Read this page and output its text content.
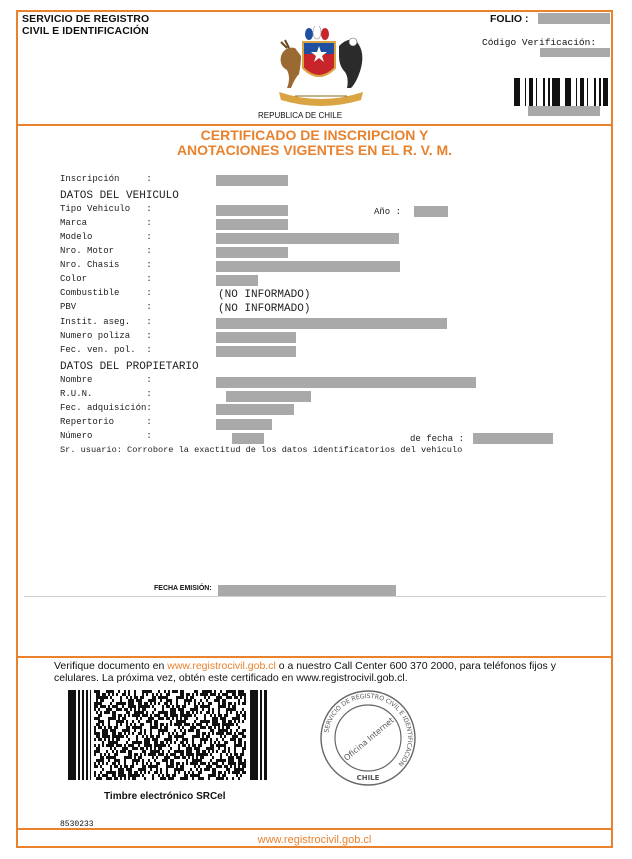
SERVICIO DE REGISTRO
CIVIL E IDENTIFICACIÓN
FOLIO :
Código Verificación:
REPUBLICA DE CHILE
CERTIFICADO DE INSCRIPCION Y
ANOTACIONES VIGENTES EN EL R. V. M.
Inscripción     :
DATOS DEL VEHICULO
Tipo Vehiculo   :	Año :
Marca           :
Modelo          :
Nro. Motor      :
Nro. Chasis     :
Color           :
Combustible     :	(NO INFORMADO)
PBV             :	(NO INFORMADO)
Instit. aseg.   :
Numero poliza   :
Fec. ven. pol.  :
DATOS DEL PROPIETARIO
Nombre          :
R.U.N.          :
Fec. adquisición:
Repertorio      :
Número          :	de fecha :
Sr. usuario: Corrobore la exactitud de los datos identificatorios del vehiculo
FECHA EMISIÓN:
Verifique documento en www.registrocivil.gob.cl o a nuestro Call Center 600 370 2000, para teléfonos fijos y celulares. La próxima vez, obtén este certificado en www.registrocivil.gob.cl.
Timbre electrónico SRCel
8530233
SERVICIO DE REGISTRO CIVIL E IDENTIFICACIÓN
Oficina Internet
CHILE
www.registrocivil.gob.cl
